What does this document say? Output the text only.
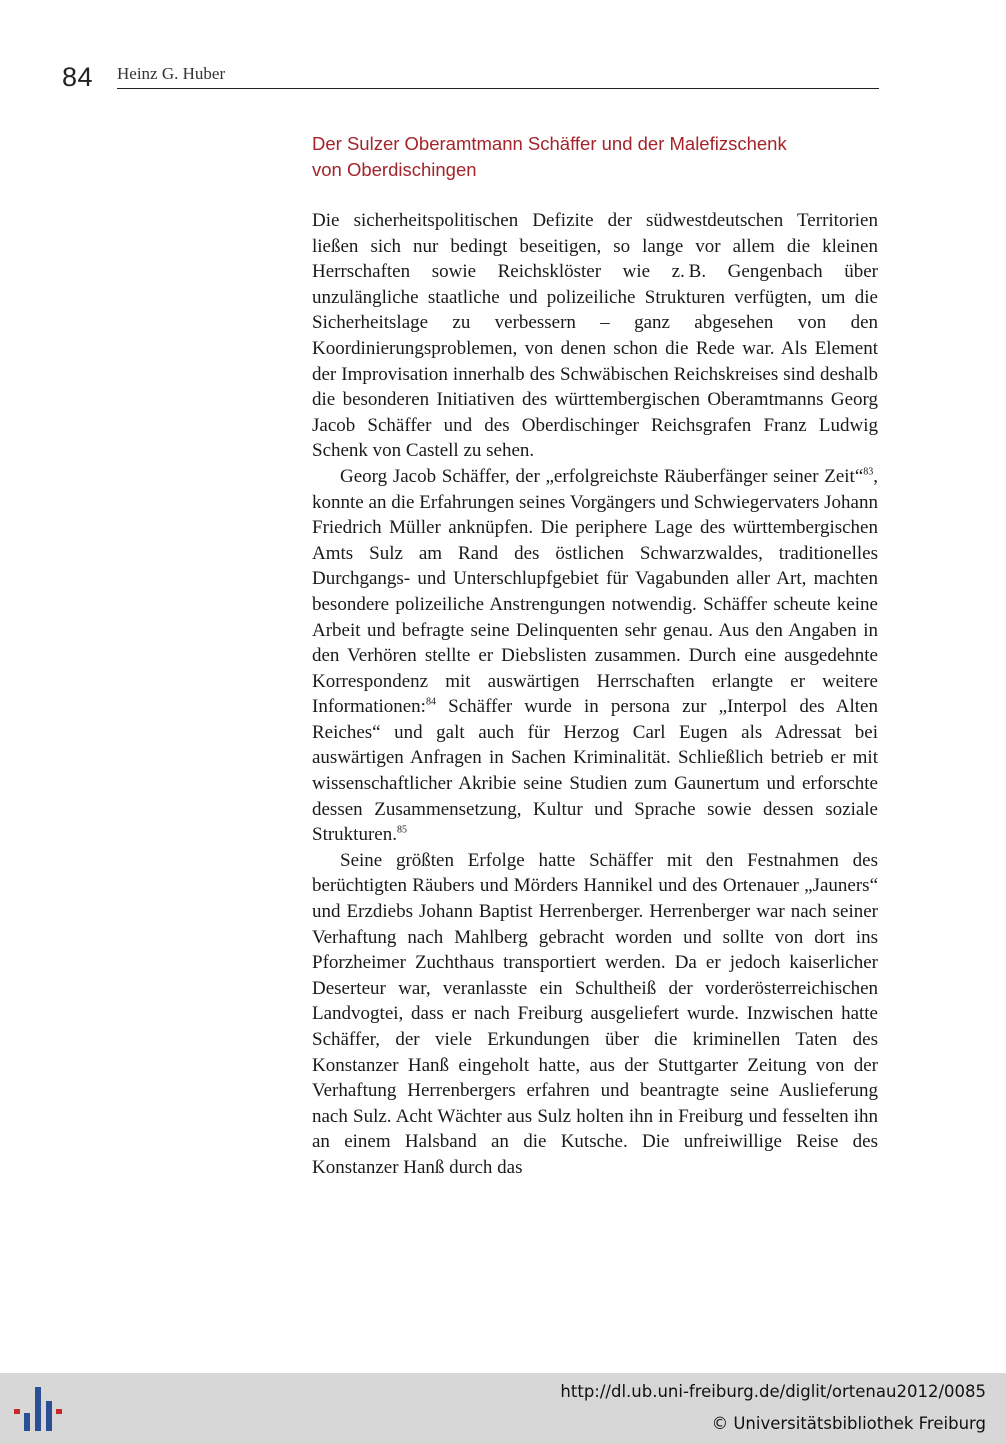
84 Heinz G. Huber
Der Sulzer Oberamtmann Schäffer und der Malefizschenk
von Oberdischingen

Die sicherheitspolitischen Defizite der südwestdeutschen Territorien ließen sich nur bedingt beseitigen, so lange vor allem die kleinen Herrschaften sowie Reichsklöster wie z. B. Gengenbach über unzulängliche staatliche und polizeiliche Strukturen verfügten, um die Sicherheitslage zu verbessern – ganz abgesehen von den Koordinierungsproblemen, von denen schon die Rede war. Als Element der Improvisation innerhalb des Schwäbischen Reichskreises sind deshalb die besonderen Initiativen des württembergischen Oberamtmanns Georg Jacob Schäffer und des Oberdischinger Reichsgrafen Franz Ludwig Schenk von Castell zu sehen.

Georg Jacob Schäffer, der „erfolgreichste Räuberfänger seiner Zeit“$^{83}$, konnte an die Erfahrungen seines Vorgängers und Schwiegervaters Johann Friedrich Müller anknüpfen. Die periphere Lage des württembergischen Amts Sulz am Rand des östlichen Schwarzwaldes, traditionelles Durchgangs- und Unterschlupfgebiet für Vagabunden aller Art, machten besondere polizeiliche Anstrengungen notwendig. Schäffer scheute keine Arbeit und befragte seine Delinquenten sehr genau. Aus den Angaben in den Verhören stellte er Diebslisten zusammen. Durch eine ausgedehnte Korrespondenz mit auswärtigen Herrschaften erlangte er weitere Informationen:$^{84}$ Schäffer wurde in persona zur „Interpol des Alten Reiches“ und galt auch für Herzog Carl Eugen als Adressat bei auswärtigen Anfragen in Sachen Kriminalität. Schließlich betrieb er mit wissenschaftlicher Akribie seine Studien zum Gaunertum und erforschte dessen Zusammensetzung, Kultur und Sprache sowie dessen soziale Strukturen.$^{85}$

Seine größten Erfolge hatte Schäffer mit den Festnahmen des berüchtigten Räubers und Mörders Hannikel und des Ortenauer „Jauners“ und Erzdiebs Johann Baptist Herrenberger. Herrenberger war nach seiner Verhaftung nach Mahlberg gebracht worden und sollte von dort ins Pforzheimer Zuchthaus transportiert werden. Da er jedoch kaiserlicher Deserteur war, veranlasste ein Schultheiß der vorderösterreichischen Landvogtei, dass er nach Freiburg ausgeliefert wurde. Inzwischen hatte Schäffer, der viele Erkundungen über die kriminellen Taten des Konstanzer Hanß eingeholt hatte, aus der Stuttgarter Zeitung von der Verhaftung Herrenbergers erfahren und beantragte seine Auslieferung nach Sulz. Acht Wächter aus Sulz holten ihn in Freiburg und fesselten ihn an einem Halsband an die Kutsche. Die unfreiwillige Reise des Konstanzer Hanß durch das

http://dl.ub.uni-freiburg.de/diglit/ortenau2012/0085
© Universitätsbibliothek Freiburg
